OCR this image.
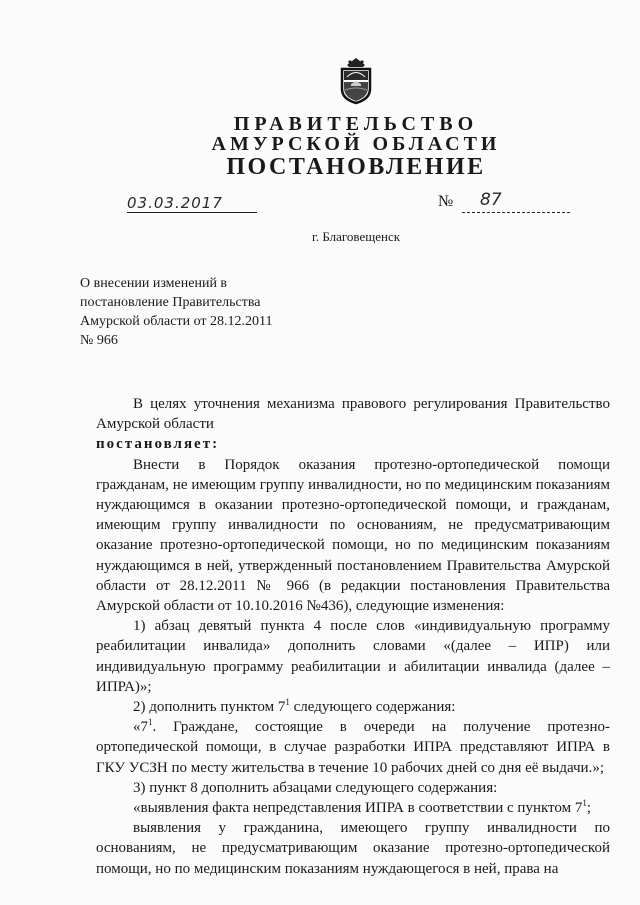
ПРАВИТЕЛЬСТВО
АМУРСКОЙ ОБЛАСТИ
ПОСТАНОВЛЕНИЕ
03.03.2017	№ 87
г. Благовещенск
О внесении изменений в
постановление Правительства
Амурской области от 28.12.2011
№ 966

В целях уточнения механизма правового регулирования Правительство Амурской области

постановляет:

Внести в Порядок оказания протезно-ортопедической помощи гражданам, не имеющим группу инвалидности, но по медицинским показаниям нуждающимся в оказании протезно-ортопедической помощи, и гражданам, имеющим группу инвалидности по основаниям, не предусматривающим оказание протезно-ортопедической помощи, но по медицинским показаниям нуждающимся в ней, утвержденный постановлением Правительства Амурской области от 28.12.2011 № 966 (в редакции постановления Правительства Амурской области от 10.10.2016 №436), следующие изменения:

1) абзац девятый пункта 4 после слов «индивидуальную программу реабилитации инвалида» дополнить словами «(далее – ИПР) или индивидуальную программу реабилитации и абилитации инвалида (далее – ИПРА)»;

2) дополнить пунктом $7^1$ следующего содержания:

«$7^1$. Граждане, состоящие в очереди на получение протезно-ортопедической помощи, в случае разработки ИПРА представляют ИПРА в ГКУ УСЗН по месту жительства в течение 10 рабочих дней со дня её выдачи.»;

3) пункт 8 дополнить абзацами следующего содержания:

«выявления факта непредставления ИПРА в соответствии с пунктом $7^1$;

выявления у гражданина, имеющего группу инвалидности по основаниям, не предусматривающим оказание протезно-ортопедической помощи, но по медицинским показаниям нуждающегося в ней, права на
